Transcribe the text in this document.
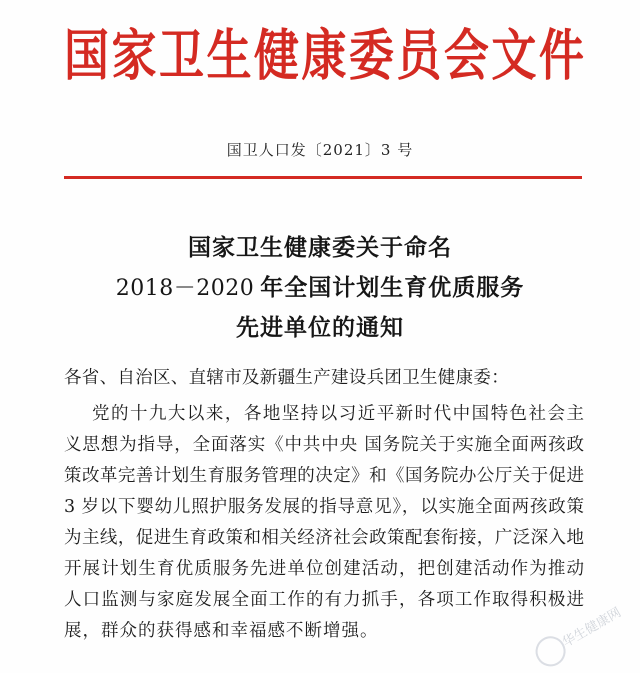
国 家 卫 生 健 康 委 员 会 文 件
国卫人口发〔2021〕3 号
国家卫生健康委关于命名
2018－2020 年全国计划生育优质服务
先进单位的通知
各省、自治区、直辖市及新疆生产建设兵团卫生健康委：
党的十九大以来，各地坚持以习近平新时代中国特色社会主
义思想为指导，全面落实《中共中央 国务院关于实施全面两孩政
策改革完善计划生育服务管理的决定》和《国务院办公厅关于促进
3 岁以下婴幼儿照护服务发展的指导意见》，以实施全面两孩政策
为主线，促进生育政策和相关经济社会政策配套衔接，广泛深入地
开展计划生育优质服务先进单位创建活动，把创建活动作为推动
人口监测与家庭发展全面工作的有力抓手，各项工作取得积极进
展，群众的获得感和幸福感不断增强。	华生健康网
